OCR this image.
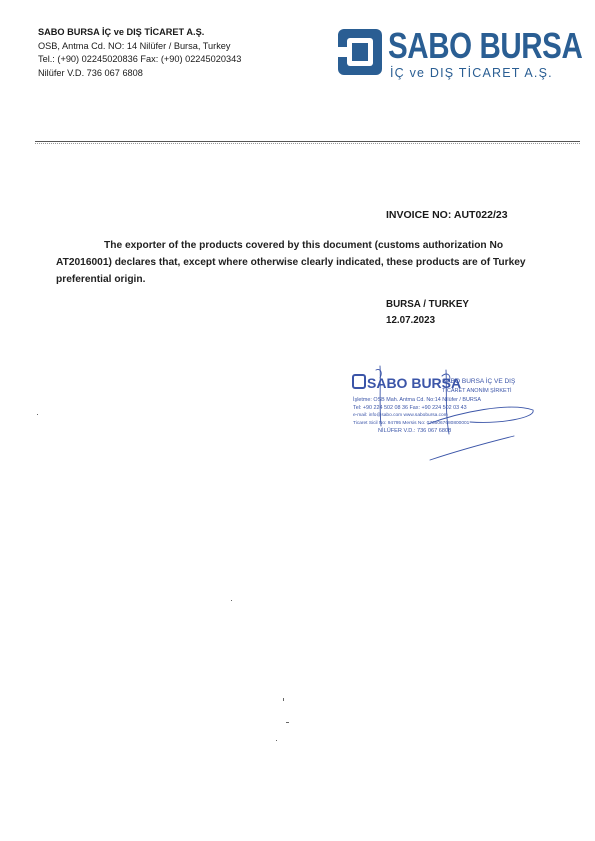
SABO BURSA İÇ ve DIŞ TİCARET A.Ş.
OSB, Antma Cd. NO: 14 Nilüfer / Bursa, Turkey
Tel.: (+90) 02245020836 Fax: (+90) 02245020343
Nilüfer V.D. 736 067 6808
SABO BURSA
İÇ ve DIŞ TİCARET A.Ş.
INVOICE NO: AUT022/23
The exporter of the products covered by this document (customs authorization No AT2016001) declares that, except where otherwise clearly indicated, these products are of Turkey preferential origin.
BURSA / TURKEY
12.07.2023
SABO BURSA
SABO BURSA İÇ VE DIŞ
TİCARET ANONİM ŞİRKETİ
İşletme: OSB Mah. Antma Cd. No:14 Nilüfer / BURSA
Tel: +90 224 502 08 36 Fax: +90 224 502 03 43
e-mail: info@sabo.com www.sabobursa.com
Ticaret Sicil No: 94795 Mersis No: 0736067680800001
NİLÜFER V.D.: 736 067 6808
